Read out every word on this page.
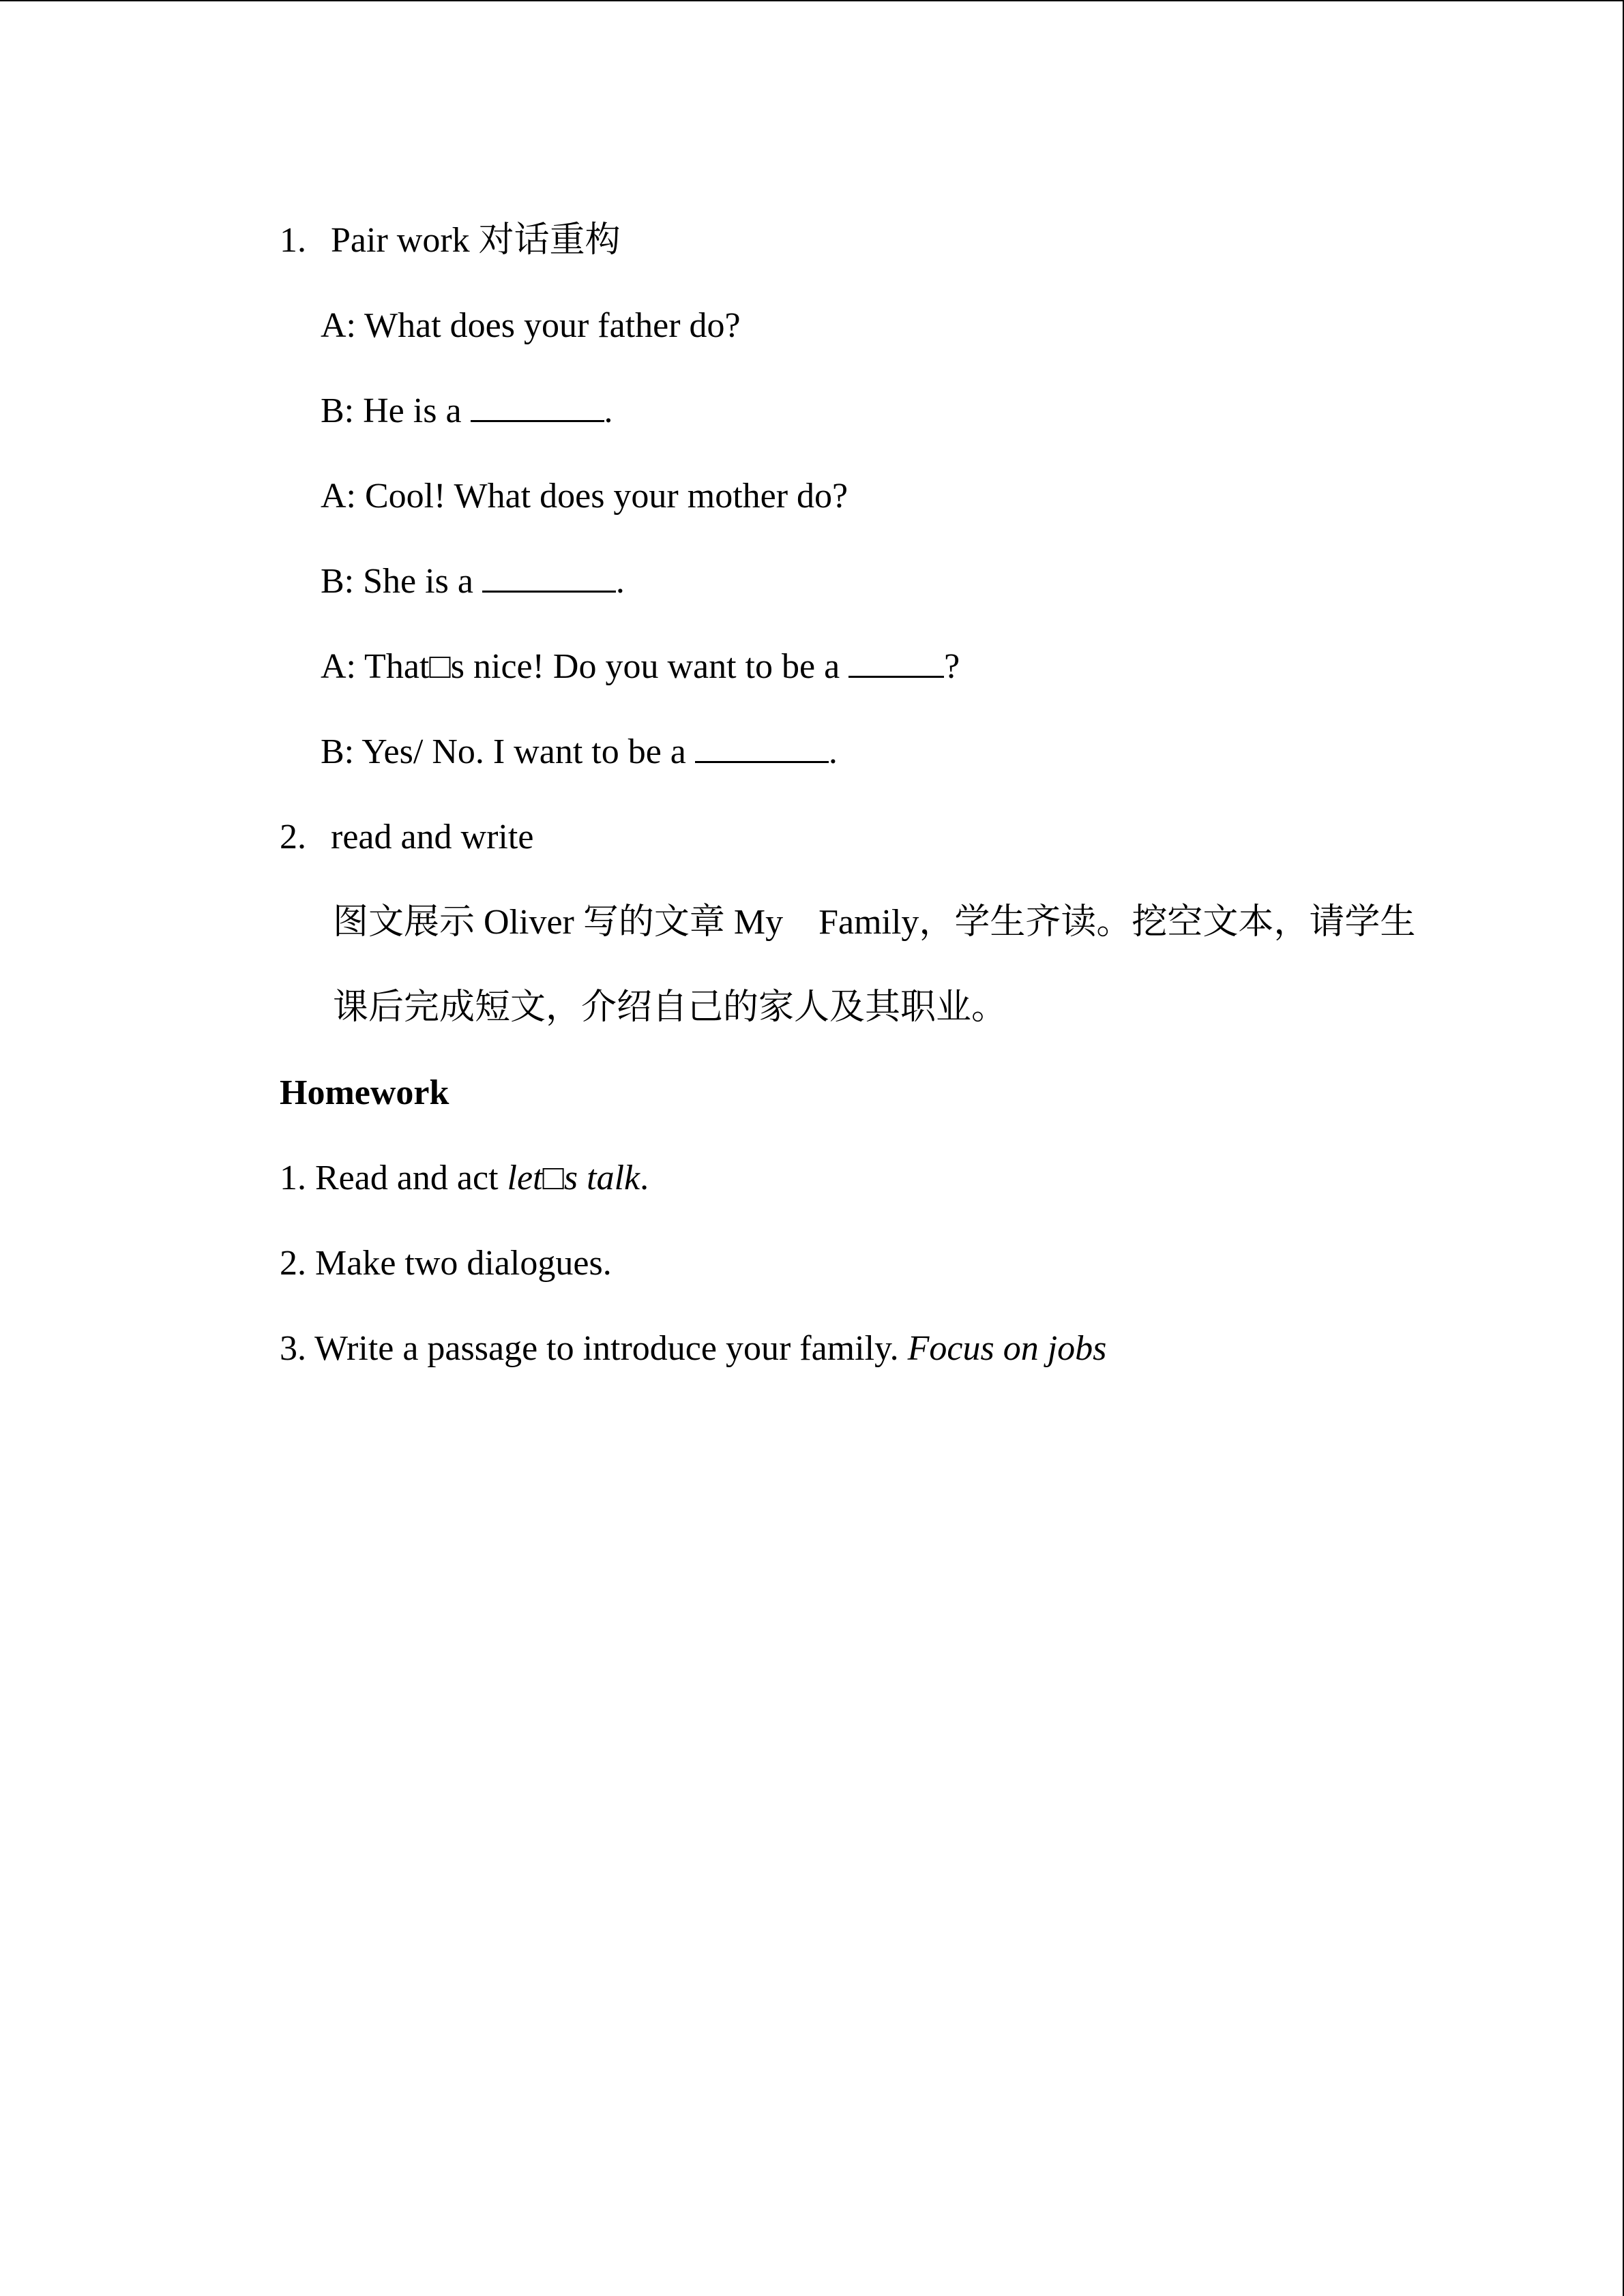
1. Pair work 对话重构
A: What does your father do?
B: He is a	.
A: Cool! What does your mother do?
B: She is a	.
A: That□s nice! Do you want to be a	?
B: Yes/ No. I want to be a	.
2. read and write
图文展示 Oliver 写的文章 My　Family，学生齐读。挖空文本，请学生
课后完成短文，介绍自己的家人及其职业。
Homework
1. Read and act let□s talk.
2. Make two dialogues.
3. Write a passage to introduce your family. Focus on jobs
